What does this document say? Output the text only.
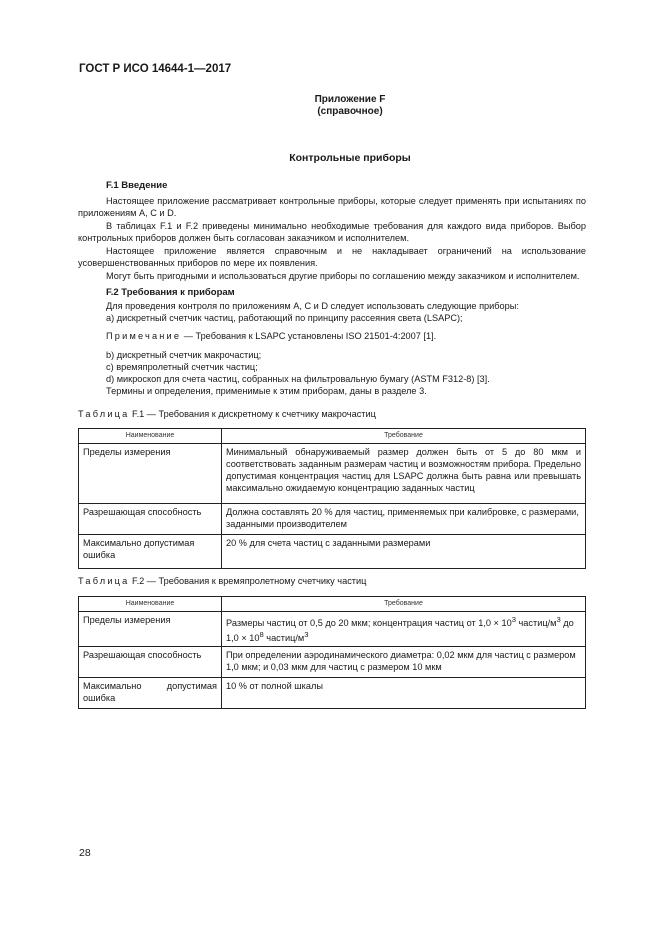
ГОСТ Р ИСО 14644-1—2017
Приложение F
(справочное)
Контрольные приборы
F.1 Введение
Настоящее приложение рассматривает контрольные приборы, которые следует применять при испытаниях по приложениям А, С и D.
В таблицах F.1 и F.2 приведены минимально необходимые требования для каждого вида приборов. Выбор контрольных приборов должен быть согласован заказчиком и исполнителем.
Настоящее приложение является справочным и не накладывает ограничений на использование усовершенствованных приборов по мере их появления.
Могут быть пригодными и использоваться другие приборы по соглашению между заказчиком и исполнителем.
F.2 Требования к приборам
Для проведения контроля по приложениям А, С и D следует использовать следующие приборы:
a) дискретный счетчик частиц, работающий по принципу рассеяния света (LSAPC);
Примечание — Требования к LSAPC установлены ISO 21501-4:2007 [1].
b) дискретный счетчик макрочастиц;
c) времяпролетный счетчик частиц;
d) микроскоп для счета частиц, собранных на фильтровальную бумагу (ASTM F312-8) [3].
Термины и определения, применимые к этим приборам, даны в разделе 3.
Таблица F.1 — Требования к дискретному к счетчику макрочастиц
Наименование	Требование
Пределы измерения	Минимальный обнаруживаемый размер должен быть от 5 до 80 мкм и соответствовать заданным размерам частиц и возможностям прибора. Предельно допустимая концентрация частиц для LSAPC должна быть равна или превышать максимально ожидаемую концентрацию заданных частиц
Разрешающая способность	Должна составлять 20 % для частиц, применяемых при калибровке, с размерами, заданными производителем
Максимально допустимая ошибка	20 % для счета частиц с заданными размерами
Таблица F.2 — Требования к времяпролетному счетчику частиц
Наименование	Требование
Пределы измерения	Размеры частиц от 0,5 до 20 мкм; концентрация частиц от $1,0 \times 10^3$ частиц/$м^3$ до $1,0 \times 10^8$ частиц/$м^3$
Разрешающая способность	При определении аэродинамического диаметра: 0,02 мкм для частиц с размером 1,0 мкм; и 0,03 мкм для частиц с размером 10 мкм
Максимально допустимая ошибка	10 % от полной шкалы
28
